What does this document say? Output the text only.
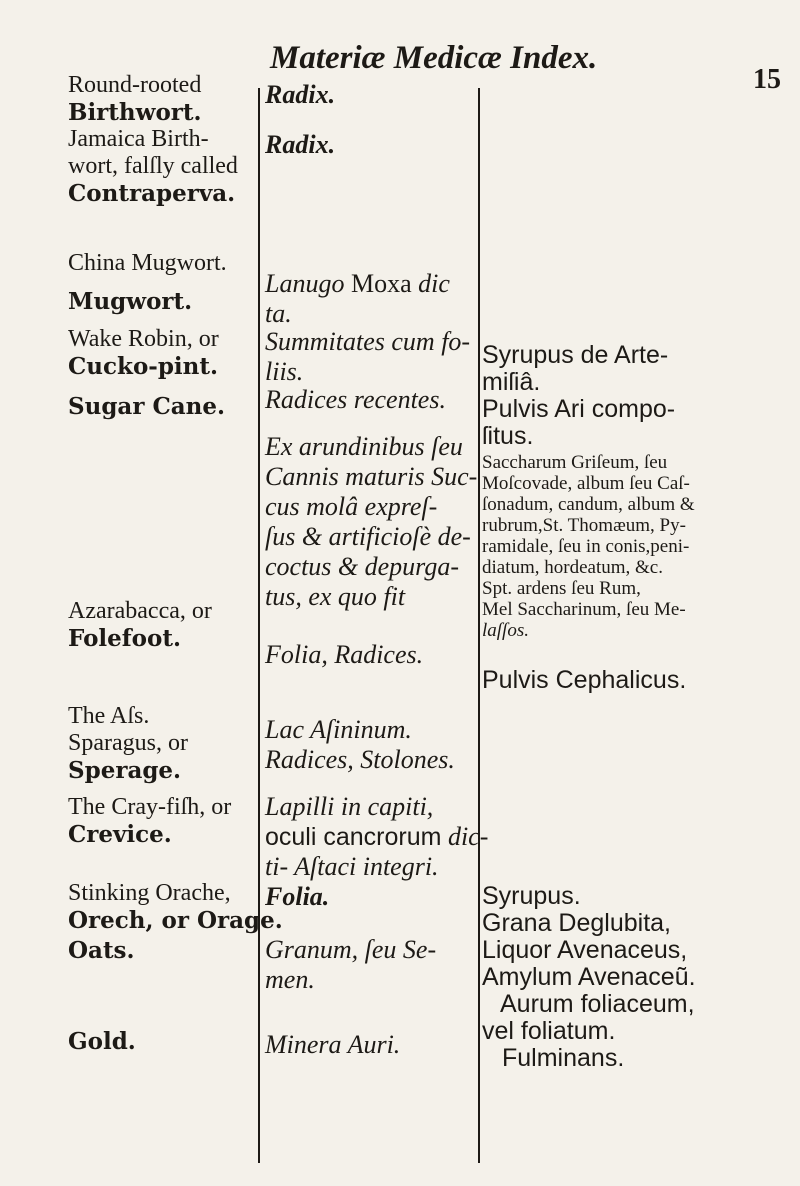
Materiæ Medicæ Index.
15
Round-rooted
Birthwort.
Jamaica Birth-
wort, falſly called
Contraperva.
China Mugwort.
Mugwort.
Wake Robin, or
Cucko-pint.
Sugar Cane.
Azarabacca, or
Folefoot.
The Aſs.
Sparagus, or
Sperage.
The Cray-fiſh, or
Crevice.
Stinking Orache,
Orech, or Orage.
Oats.
Gold.
Radix.
Radix.
Lanugo Moxa dic
ta.
Summitates cum fo-
liis.
Radices recentes.
Ex arundinibus ſeu
Cannis maturis Suc-
cus molâ expreſ-
ſus & artificioſè de-
coctus & depurga-
tus, ex quo fit
Folia, Radices.
Lac Aſininum.
Radices, Stolones.
Lapilli in capiti,
oculi cancrorum dic-
ti- Aſtaci integri.
Folia.
Granum, ſeu Se-
men.
Minera Auri.
Syrupus de Arte-
miſiâ.
Pulvis Ari compo-
ſitus.
Saccharum Griſeum, ſeu
Moſcovade, album ſeu Caſ-
ſonadum, candum, album &
rubrum,St. Thomæum, Py-
ramidale, ſeu in conis,peni-
diatum, hordeatum, &c.
Spt. ardens ſeu Rum,
Mel Saccharinum, ſeu Me-
laſſos.
Pulvis Cephalicus.
Syrupus.
Grana Deglubita,
Liquor Avenaceus,
Amylum Avenaceũ.
Aurum foliaceum,
vel foliatum.
Fulminans.
